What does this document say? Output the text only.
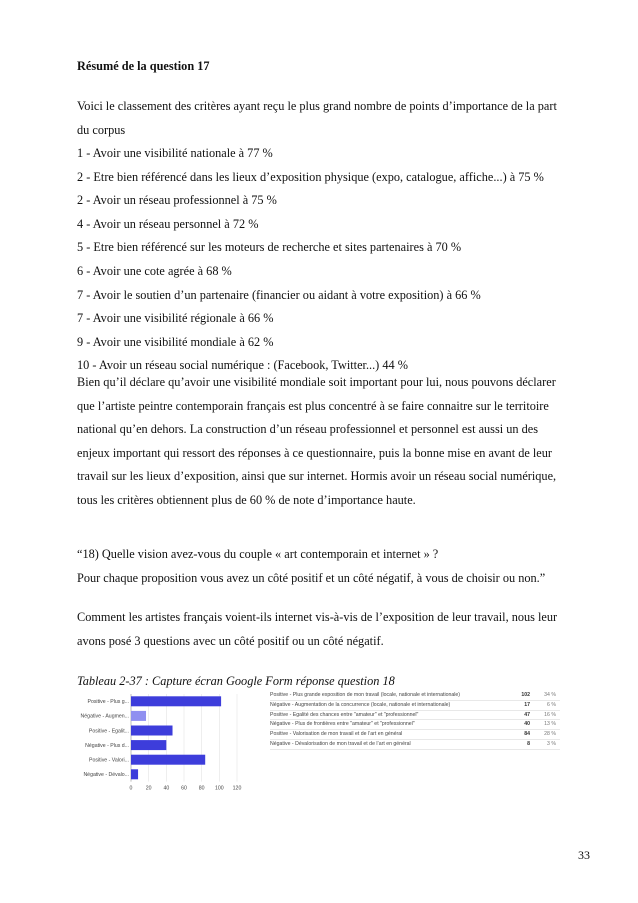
Résumé de la question 17

Voici le classement des critères ayant reçu le plus grand nombre de points d’importance de la part

du corpus

1 - Avoir une visibilité nationale à 77 %

2 - Etre bien référencé dans les lieux d’exposition physique (expo, catalogue, affiche...) à 75 %

2 - Avoir un réseau professionnel à 75 %

4 - Avoir un réseau personnel à 72 %

5 - Etre bien référencé sur les moteurs de recherche et sites partenaires à 70 %

6 - Avoir une cote agrée à 68 %

7 - Avoir le soutien d’un partenaire (financier ou aidant à votre exposition) à 66 %

7 - Avoir une visibilité régionale à 66 %

9 - Avoir une visibilité mondiale à 62 %

10 - Avoir un réseau social numérique : (Facebook, Twitter...) 44 %

Bien qu’il déclare qu’avoir une visibilité mondiale soit important pour lui, nous pouvons déclarer

que l’artiste peintre contemporain français est plus concentré à se faire connaitre sur le territoire

national qu’en dehors. La construction d’un réseau professionnel et personnel est aussi un des

enjeux important qui ressort des réponses à ce questionnaire, puis la bonne mise en avant de leur

travail sur les lieux d’exposition, ainsi que sur internet. Hormis avoir un réseau social numérique,

tous les critères obtiennent plus de 60 % de note d’importance haute.

“18) Quelle vision avez-vous du couple « art contemporain et internet » ?

Pour chaque proposition vous avez un côté positif et un côté négatif, à vous de choisir ou non.”

Comment les artistes français voient-ils internet vis-à-vis de l’exposition de leur travail, nous leur

avons posé 3 questions avec un côté positif ou un côté négatif.

Tableau 2-37 : Capture écran Google Form réponse question 18

0	20 40 60 80 100 120
Positive - Plus g...
Négative - Augmen...
Positive - Egalit...
Négative - Plus d...
Positive - Valori...
Négative - Dévalo...
Positive - Plus grande exposition de mon travail (locale, nationale et internationale)	102	34 %
Négative - Augmentation de la concurrence (locale, nationale et internationale)	17	6 %
Positive - Egalité des chances entre "amateur" et "professionnel"	47	16 %
Négative - Plus de frontières entre "amateur" et "professionnel"	40	13 %
Positive - Valorisation de mon travail et de l’art en général	84	28 %
Négative - Dévalorisation de mon travail et de l’art en général	8	3 %
33
